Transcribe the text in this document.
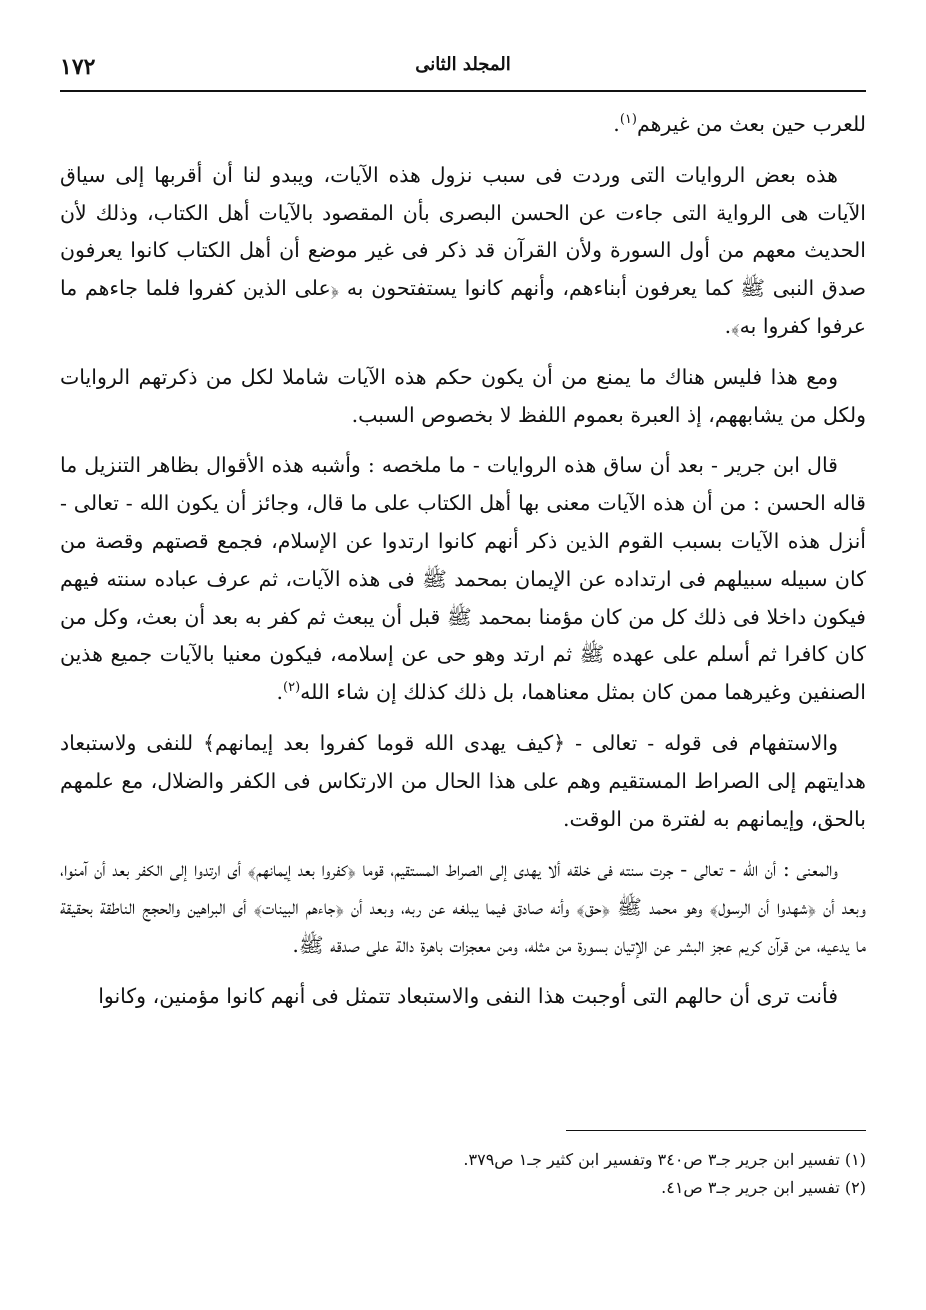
١٧٢	المجلد الثانى

للعرب حين بعث من غيرهم$^{(١)}$.

هذه بعض الروايات التى وردت فى سبب نزول هذه الآيات، ويبدو لنا أن أقربها إلى سياق الآيات هى الرواية التى جاءت عن الحسن البصرى بأن المقصود بالآيات أهل الكتاب، وذلك لأن الحديث معهم من أول السورة ولأن القرآن قد ذكر فى غير موضع أن أهل الكتاب كانوا يعرفون صدق النبى ﷺ كما يعرفون أبناءهم، وأنهم كانوا يستفتحون به ﴿على الذين كفروا فلما جاءهم ما عرفوا كفروا به﴾.

ومع هذا فليس هناك ما يمنع من أن يكون حكم هذه الآيات شاملا لكل من ذكرتهم الروايات ولكل من يشابههم، إذ العبرة بعموم اللفظ لا بخصوص السبب.

قال ابن جرير - بعد أن ساق هذه الروايات - ما ملخصه : وأشبه هذه الأقوال بظاهر التنزيل ما قاله الحسن : من أن هذه الآيات معنى بها أهل الكتاب على ما قال، وجائز أن يكون الله - تعالى - أنزل هذه الآيات بسبب القوم الذين ذكر أنهم كانوا ارتدوا عن الإسلام، فجمع قصتهم وقصة من كان سبيله سبيلهم فى ارتداده عن الإيمان بمحمد ﷺ فى هذه الآيات، ثم عرف عباده سنته فيهم فيكون داخلا فى ذلك كل من كان مؤمنا بمحمد ﷺ قبل أن يبعث ثم كفر به بعد أن بعث، وكل من كان كافرا ثم أسلم على عهده ﷺ ثم ارتد وهو حى عن إسلامه، فيكون معنيا بالآيات جميع هذين الصنفين وغيرهما ممن كان بمثل معناهما، بل ذلك كذلك إن شاء الله$^{(٢)}$.

والاستفهام فى قوله - تعالى - ﴿كيف يهدى الله قوما كفروا بعد إيمانهم﴾ للنفى ولاستبعاد هدايتهم إلى الصراط المستقيم وهم على هذا الحال من الارتكاس فى الكفر والضلال، مع علمهم بالحق، وإيمانهم به لفترة من الوقت.

والمعنى : أن الله - تعالى - جرت سنته فى خلقه ألا يهدى إلى الصراط المستقيم، قوما ﴿كفروا بعد إيمانهم﴾ أى ارتدوا إلى الكفر بعد أن آمنوا، وبعد أن ﴿شهدوا أن الرسول﴾ وهو محمد ﷺ ﴿حق﴾ وأنه صادق فيما يبلغه عن ربه، وبعد أن ﴿جاءهم البينات﴾ أى البراهين والحجج الناطقة بحقيقة ما يدعيه، من قرآن كريم عجز البشر عن الإتيان بسورة من مثله، ومن معجزات باهرة دالة على صدقه ﷺ.

فأنت ترى أن حالهم التى أوجبت هذا النفى والاستبعاد تتمثل فى أنهم كانوا مؤمنين، وكانوا

(١) تفسير ابن جرير جـ٣ ص٣٤٠ وتفسير ابن كثير جـ١ ص٣٧٩.

(٢) تفسير ابن جرير جـ٣ ص٤١.
